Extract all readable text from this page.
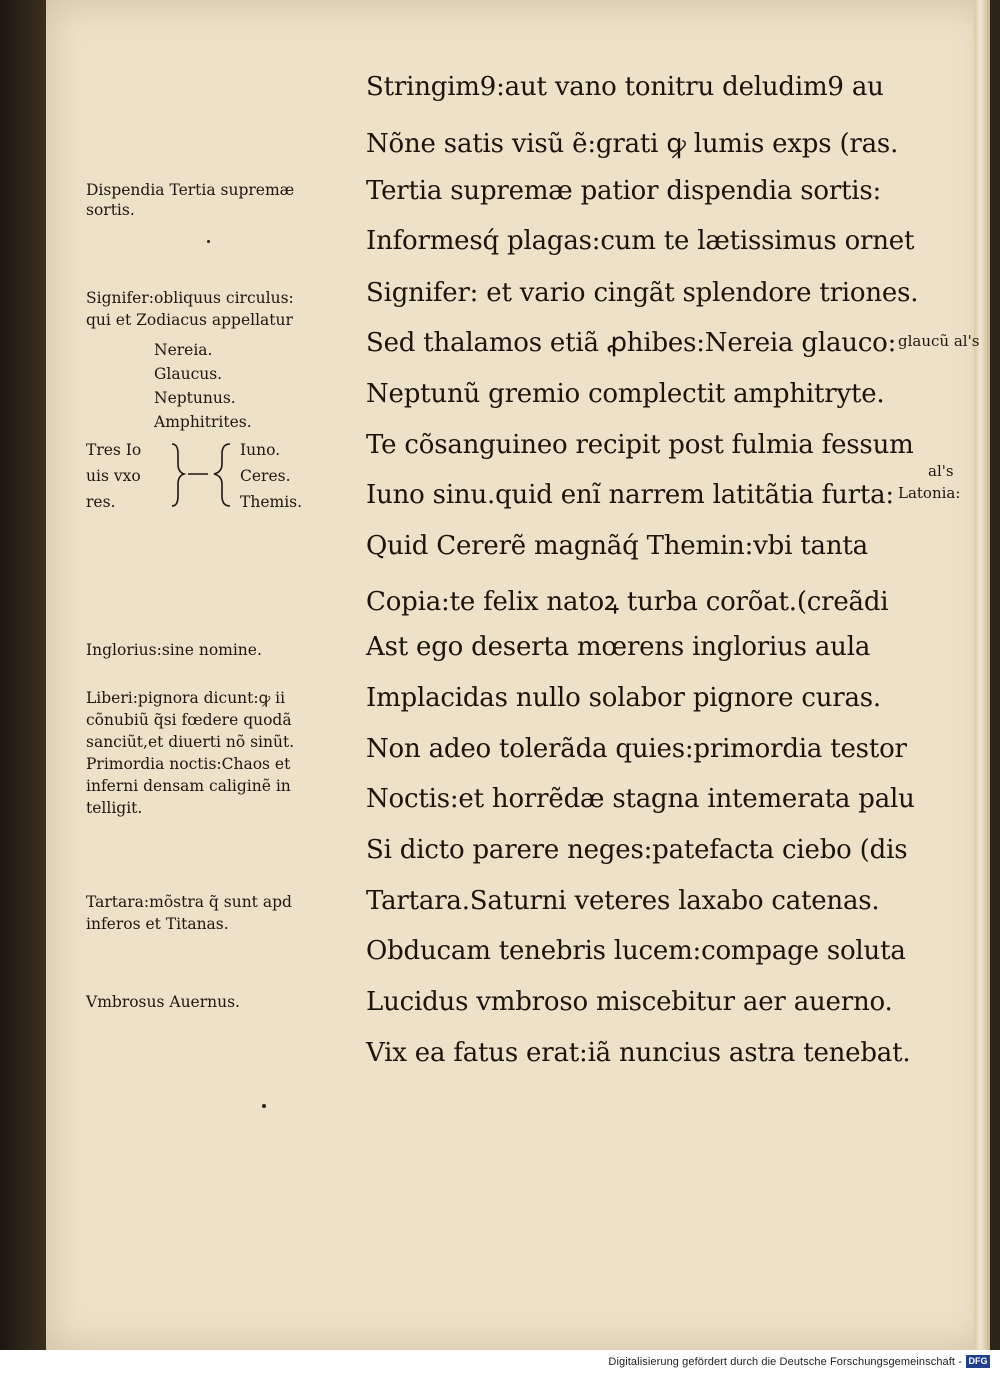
Stringim9:aut vano tonitru deludim9 au
Nõne satis visũ ẽ:grati ꝙ lumis exps (ras.
Tertia supremæ patior dispendia sortis:
Informesq́ plagas:cum te lætissimus ornet
Signifer: et vario cingãt splendore triones.
Sed thalamos etiã ꝓhibes:Nereia glauco:
Neptunũ gremio complectit amphitryte.
Te cõsanguineo recipit post fulmia fessum
Iuno sinu.quid enĩ narrem latitãtia furta:
Quid Cererẽ magnãq́ Themin:vbi tanta
Copia:te felix natoꝝ turba corõat.(creãdi
Ast ego deserta mœrens inglorius aula
Implacidas nullo solabor pignore curas.
Non adeo tolerãda quies:primordia testor
Noctis:et horrẽdæ stagna intemerata palu
Si dicto parere neges:patefacta ciebo (dis
Tartara.Saturni veteres laxabo catenas.
Obducam tenebris lucem:compage soluta
Lucidus vmbroso miscebitur aer auerno.
Vix ea fatus erat:iã nuncius astra tenebat.
Dispendia Tertia supremæ
sortis.
Signifer:obliquus circulus:
qui et Zodiacus appellatur
Nereia.
Glaucus.
Neptunus.
Amphitrites.
Tres Io
uis vxo
res.
Iuno.
Ceres.
Themis.
Inglorius:sine nomine.
Liberi:pignora dicunt:ꝙ ii
cõnubiũ q̃si fœdere quodã
sanciũt,et diuerti nõ sinũt.
Primordia noctis:Chaos et
inferni densam caliginẽ in
telligit.
Tartara:mõstra q̃ sunt apd
inferos et Titanas.
Vmbrosus Auernus.
glaucũ al's
al's
Latonia:
Digitalisierung gefördert durch die Deutsche Forschungsgemeinschaft - DFG
